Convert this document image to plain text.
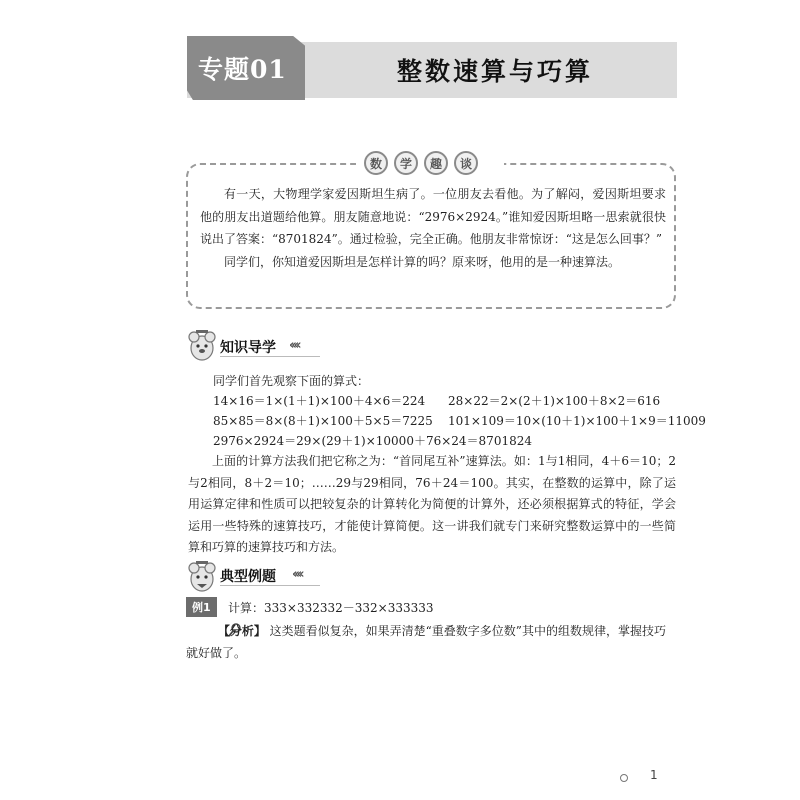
专题01	整数速算与巧算
数	学	趣	谈

有一天，大物理学家爱因斯坦生病了。一位朋友去看他。为了解闷，爱因斯坦要求他的朋友出道题给他算。朋友随意地说：“2976×2924。”谁知爱因斯坦略一思索就很快说出了答案：“8701824”。通过检验，完全正确。他朋友非常惊讶：“这是怎么回事？”

同学们，你知道爱因斯坦是怎样计算的吗？原来呀，他用的是一种速算法。

知识导学 ‹‹‹‹
同学们首先观察下面的算式：
14×16＝1×(1＋1)×100＋4×6＝224 28×22＝2×(2＋1)×100＋8×2＝616
85×85＝8×(8＋1)×100＋5×5＝7225 101×109＝10×(10＋1)×100＋1×9＝11009
2976×2924＝29×(29＋1)×10000＋76×24＝8701824
上面的计算方法我们把它称之为：“首同尾互补”速算法。如：1与1相同，4＋6＝10；2与2相同，8＋2＝10；……29与29相同，76＋24＝100。其实，在整数的运算中，除了运用运算定律和性质可以把较复杂的计算转化为简便的计算外，还必须根据算式的特征，学会运用一些特殊的速算技巧，才能使计算简便。这一讲我们就专门来研究整数运算中的一些简算和巧算的速算技巧和方法。
典型例题 ‹‹‹‹
例1	计算：333×332332－332×333333

【分析】 这类题看似复杂，如果弄清楚“重叠数字多位数”其中的组数规律，掌握技巧就好做了。

1
